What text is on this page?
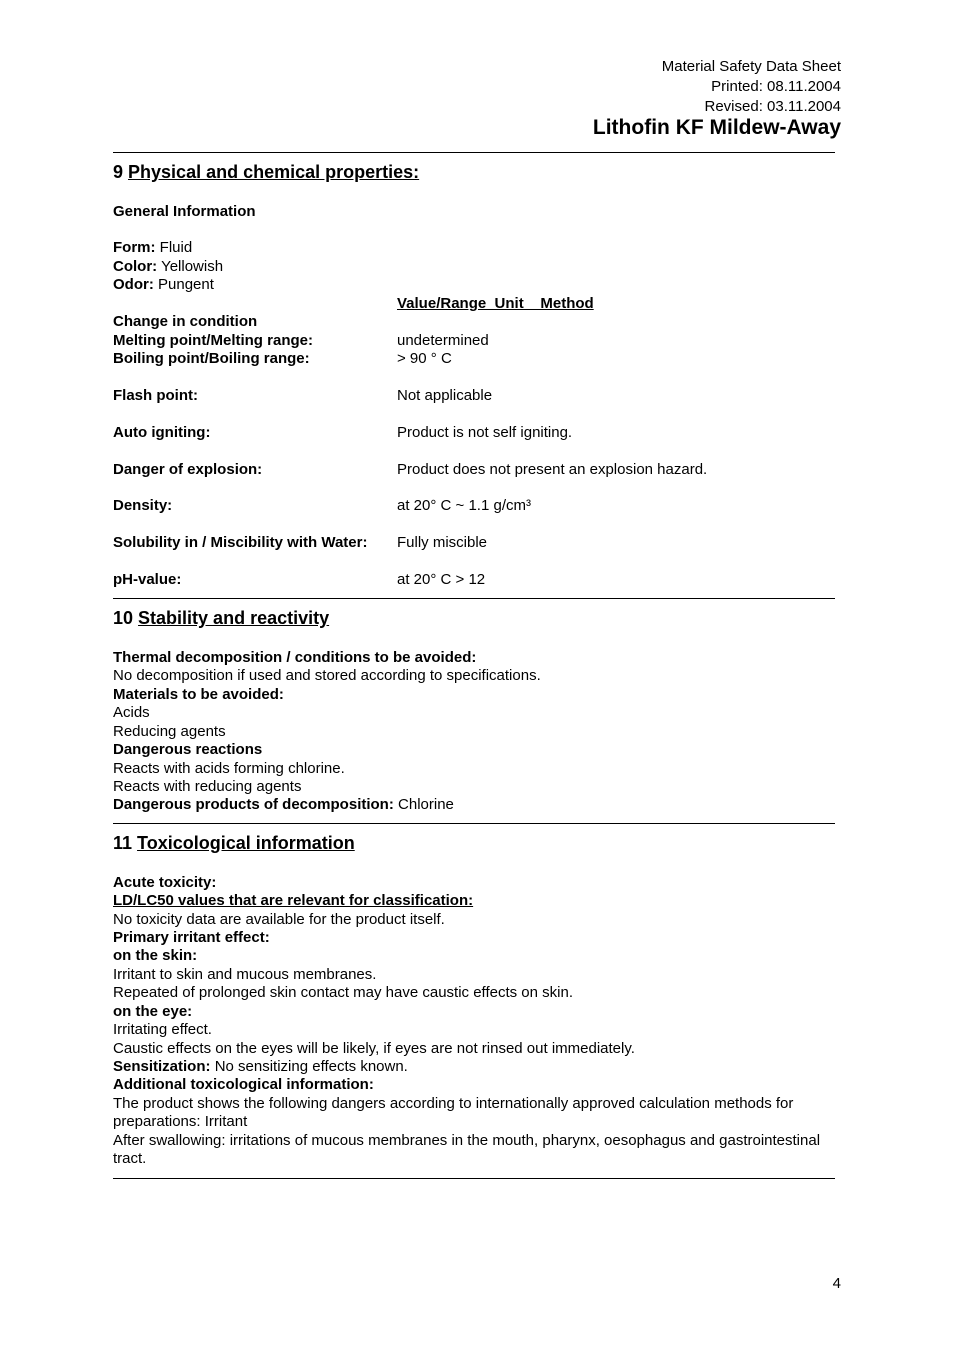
Material Safety Data Sheet
Printed: 08.11.2004
Revised: 03.11.2004
Lithofin KF Mildew-Away
9 Physical and chemical properties:
General Information
Form: Fluid
Color: Yellowish
Odor: Pungent
Value/Range  Unit    Method
Change in condition
Melting point/Melting range:	undetermined
Boiling point/Boiling range:	> 90 ° C
Flash point:	Not applicable
Auto igniting:	Product is not self igniting.
Danger of explosion:	Product does not present an explosion hazard.
Density:	at 20° C ~ 1.1 g/cm³
Solubility in / Miscibility with Water: Fully miscible
pH-value:	at 20° C > 12
10 Stability and reactivity
Thermal decomposition / conditions to be avoided:
No decomposition if used and stored according to specifications.
Materials to be avoided:
Acids
Reducing agents
Dangerous reactions
Reacts with acids forming chlorine.
Reacts with reducing agents
Dangerous products of decomposition: Chlorine
11 Toxicological information
Acute toxicity:
LD/LC50 values that are relevant for classification:
No toxicity data are available for the product itself.
Primary irritant effect:
on the skin:
Irritant to skin and mucous membranes.
Repeated of prolonged skin contact may have caustic effects on skin.
on the eye:
Irritating effect.
Caustic effects on the eyes will be likely, if eyes are not rinsed out immediately.
Sensitization: No sensitizing effects known.
Additional toxicological information:
The product shows the following dangers according to internationally approved calculation methods for preparations: Irritant
After swallowing: irritations of mucous membranes in the mouth, pharynx, oesophagus and gastrointestinal tract.
4
